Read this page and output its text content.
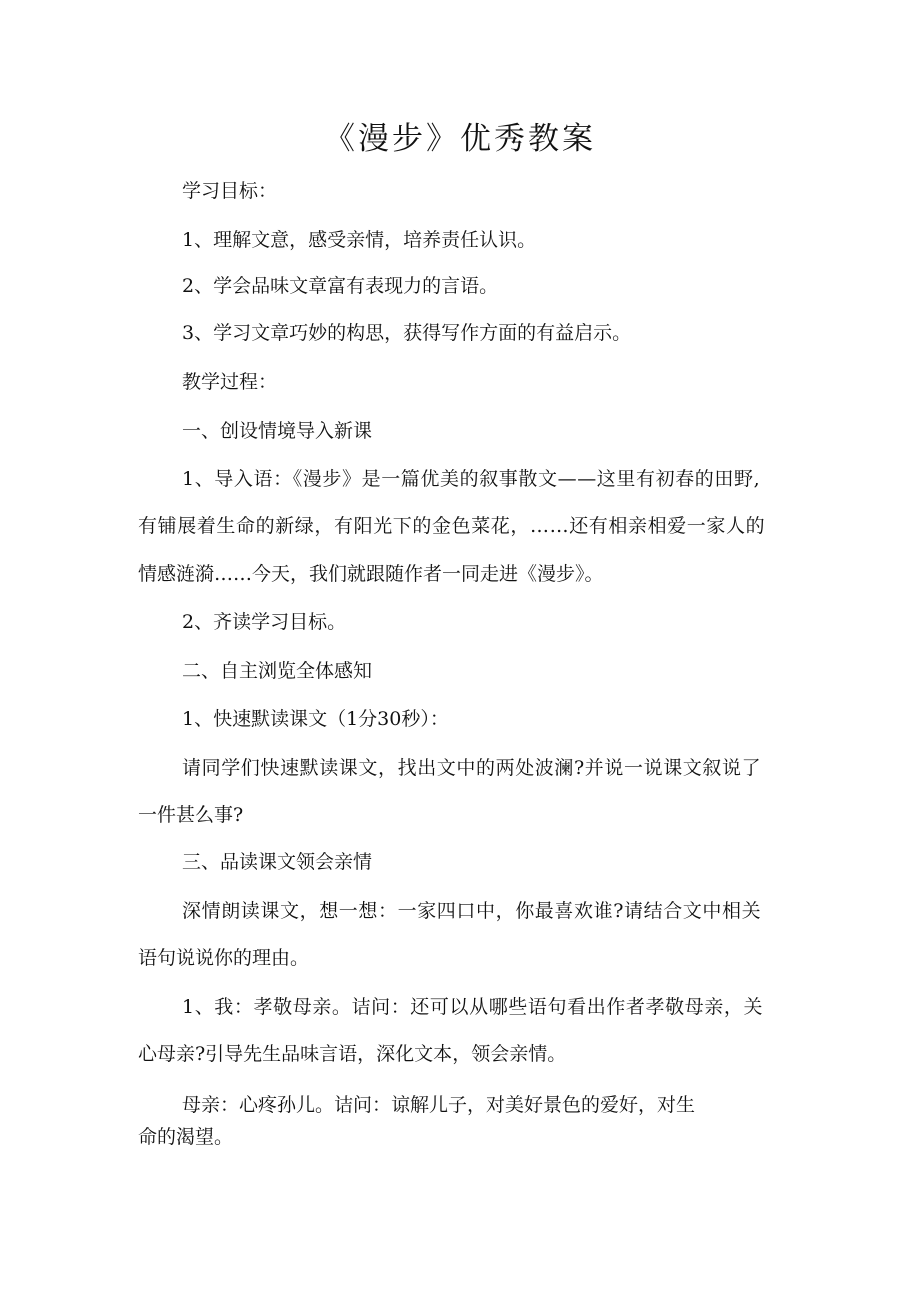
《漫步》优秀教案

学习目标：

1、理解文意，感受亲情，培养责任认识。

2、学会品味文章富有表现力的言语。

3、学习文章巧妙的构思，获得写作方面的有益启示。

教学过程：

一、创设情境导入新课

1、导入语：《漫步》是一篇优美的叙事散文——这里有初春的田野,

有铺展着生命的新绿，有阳光下的金色菜花，……还有相亲相爱一家人的

情感涟漪……今天，我们就跟随作者一同走进《漫步》。

2、齐读学习目标。

二、自主浏览全体感知

1、快速默读课文（1分30秒）：

请同学们快速默读课文，找出文中的两处波澜?并说一说课文叙说了

一件甚么事?

三、品读课文领会亲情

深情朗读课文，想一想：一家四口中，你最喜欢谁?请结合文中相关

语句说说你的理由。

1、我：孝敬母亲。诘问：还可以从哪些语句看出作者孝敬母亲，关

心母亲?引导先生品味言语，深化文本，领会亲情。

母亲：心疼孙儿。诘问：谅解儿子，对美好景色的爱好，对生

命的渴望。
